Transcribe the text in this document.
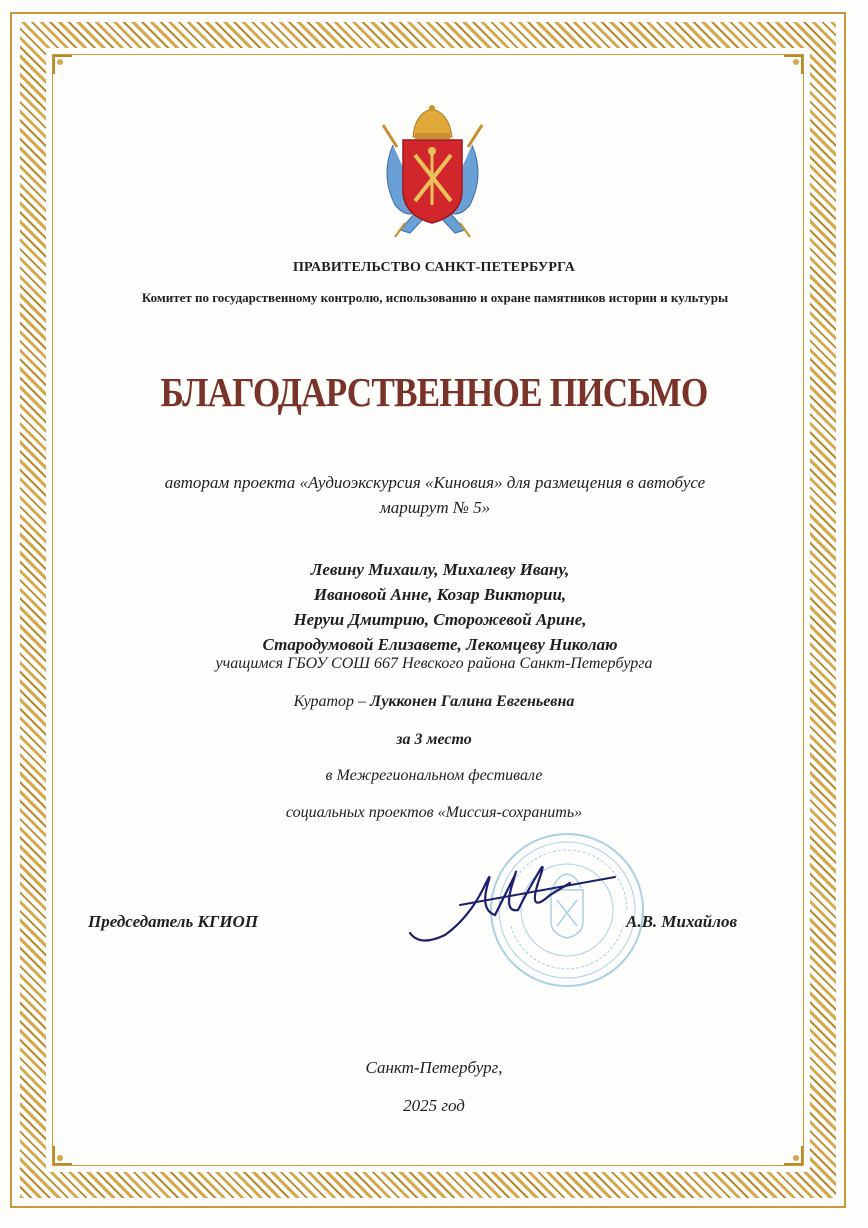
ПРАВИТЕЛЬСТВО САНКТ-ПЕТЕРБУРГА
Комитет по государственному контролю, использованию и охране памятников истории и культуры
БЛАГОДАРСТВЕННОЕ ПИСЬМО
авторам проекта «Аудиоэкскурсия «Киновия» для размещения в автобусе
маршрут № 5»
Левину Михаилу, Михалеву Ивану,
Ивановой Анне, Козар Виктории,
Неруш Дмитрию, Сторожевой Арине,
Стародумовой Елизавете, Лекомцеву Николаю
учащимся ГБОУ СОШ 667 Невского района Санкт-Петербурга
Куратор – Лукконен Галина Евгеньевна
за 3 место
в Межрегиональном фестивале
социальных проектов «Миссия-сохранить»
Председатель КГИОП	А.В. Михайлов
Санкт-Петербург,
2025 год
